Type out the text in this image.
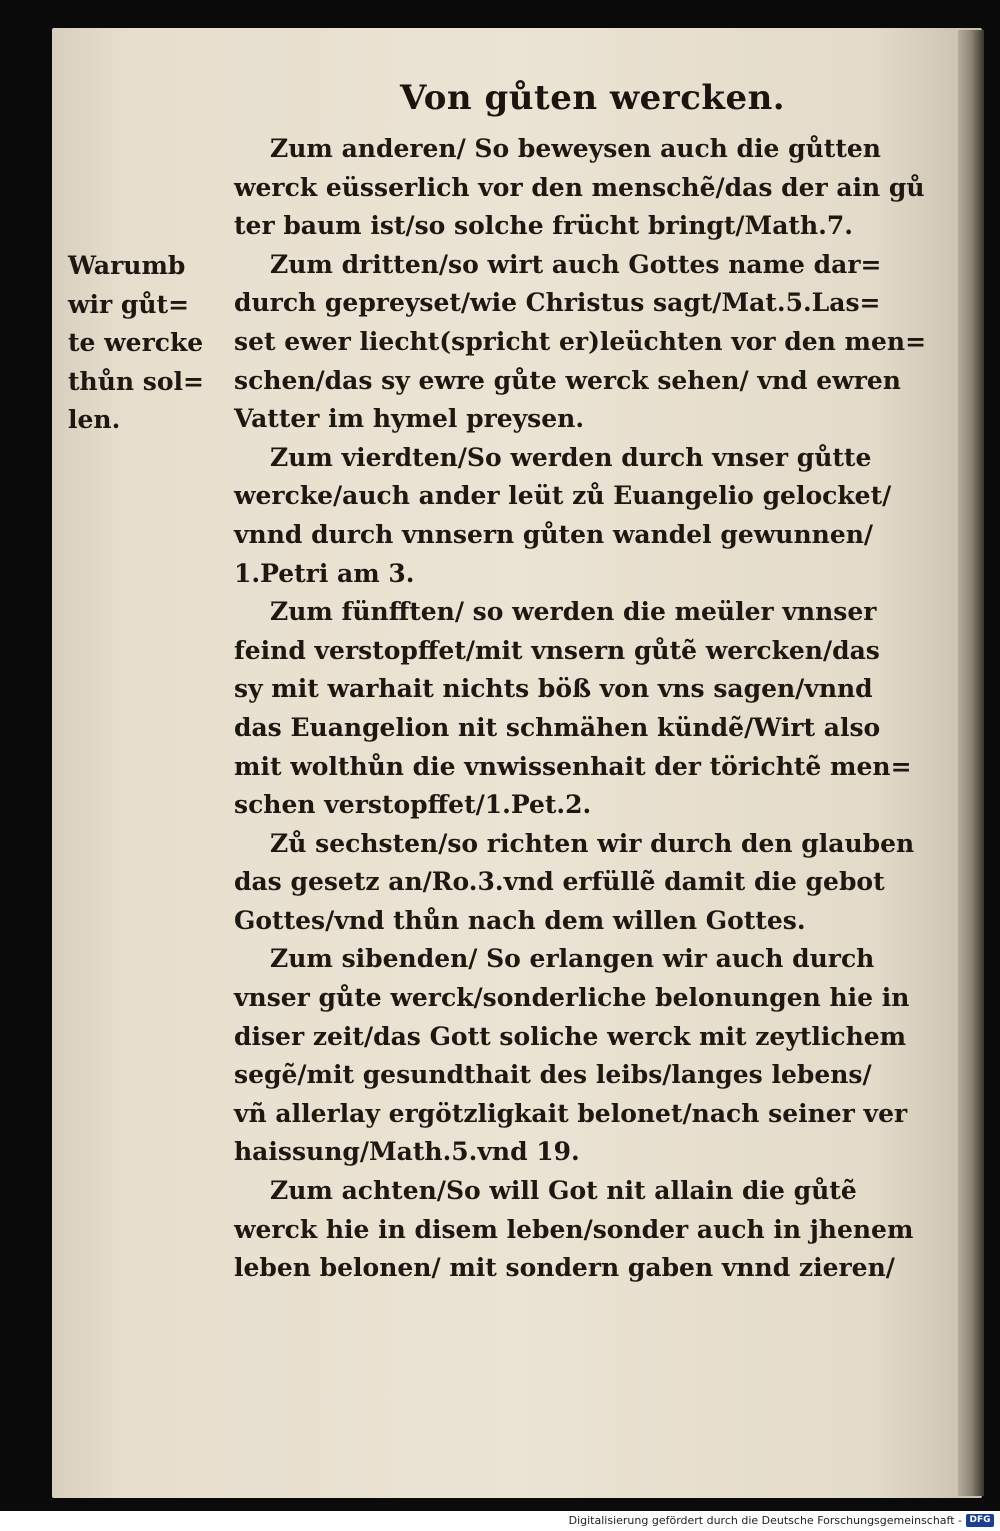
Von gůten wercken.
Warumb
wir gůt=
te wercke
thůn sol=
len.
Zum anderen/ So beweysen auch die gůtten
werck eüsserlich vor den menschẽ/das der ain gů
ter baum ist/so solche frücht bringt/Math.7.
Zum dritten/so wirt auch Gottes name dar=
durch gepreyset/wie Christus sagt/Mat.5.Las=
set ewer liecht(spricht er)leüchten vor den men=
schen/das sy ewre gůte werck sehen/ vnd ewren
Vatter im hymel preysen.
Zum vierdten/So werden durch vnser gůtte
wercke/auch ander leüt zů Euangelio gelocket/
vnnd durch vnnsern gůten wandel gewunnen/
1.Petri am 3.
Zum fünfften/ so werden die meüler vnnser
feind verstopffet/mit vnsern gůtẽ wercken/das
sy mit warhait nichts böß von vns sagen/vnnd
das Euangelion nit schmähen kündẽ/Wirt also
mit wolthůn die vnwissenhait der törichtẽ men=
schen verstopffet/1.Pet.2.
Zů sechsten/so richten wir durch den glauben
das gesetz an/Ro.3.vnd erfüllẽ damit die gebot
Gottes/vnd thůn nach dem willen Gottes.
Zum sibenden/ So erlangen wir auch durch
vnser gůte werck/sonderliche belonungen hie in
diser zeit/das Gott soliche werck mit zeytlichem
segẽ/mit gesundthait des leibs/langes lebens/
vñ allerlay ergötzligkait belonet/nach seiner ver
haissung/Math.5.vnd 19.
Zum achten/So will Got nit allain die gůtẽ
werck hie in disem leben/sonder auch in jhenem
leben belonen/ mit sondern gaben vnnd zieren/
Digitalisierung gefördert durch die Deutsche Forschungsgemeinschaft - DFG
